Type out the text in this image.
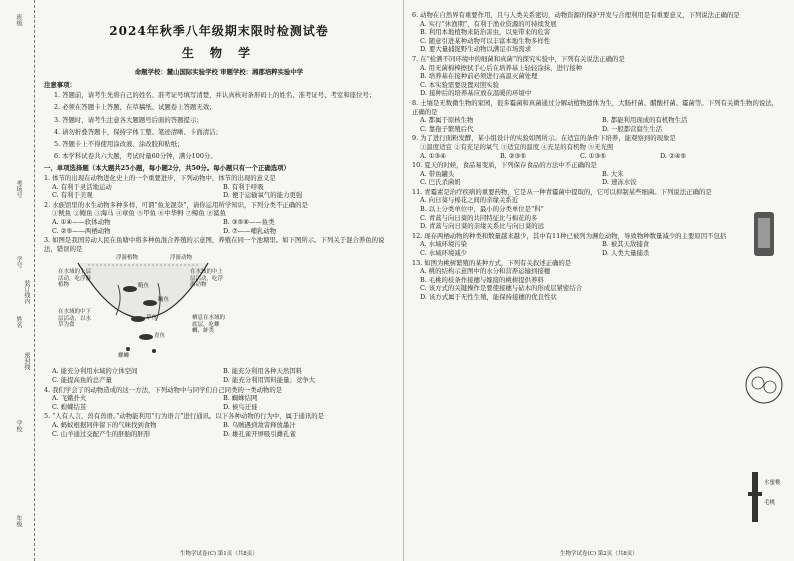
班级
考场号
学号
装订线内
姓名
密封线
学校
年级
2024年秋季八年级期末限时检测试卷
生 物 学
命题学校：麓山国际实验学校 审题学校：湘郡培粹实验中学
注意事项：
1. 答题前，请考生先将自己的姓名、准考证号填写清楚，并认真核对条形码上的姓名、准考证号、考室和座位号；
2. 必须在答题卡上答题，在草稿纸、试题卷上答题无效；
3. 答题时，请考生注意各大题题号后面的答题提示；
4. 请勿折叠答题卡，保持字体工整、笔迹清晰、卡面清洁；
5. 答题卡上不得使用涂改液、涂改胶和贴纸；
6. 本学科试卷共六大题，考试时量60分钟，满分100分。
一、单项选择题（本大题共25小题，每小题2分，共50分。每小题只有一个正确选项）
1. 体节的出现在动物进化史上的一个重要进步，下列动物中，体节的出现的意义是
A. 有利于灵活地运动	B. 有利于呼吸
C. 有利于美观	D. 便于运输氧气的能力更强
2. 水族馆里的水生动物多种多样，可谓“鱼龙混杂”，请你运用所学知识，下列分类不正确的是
①鱿鱼 ②鲍鱼 ③海马 ④章鱼 ⑤甲鱼 ⑥中华鲟 ⑦鲸鱼 ⑧鲨鱼
A. ①④——软体动物	B. ③⑤⑧——鱼类
C. ②⑤——两栖动物	D. ⑦——哺乳动物
3. 如图是我国劳动人民在鱼塘中将多种鱼混合养殖的示意图，养殖在同一个池塘里。如下图所示。下列关于混合养鱼的说法，错误的是
浮游植物	浮游动物
在水域的上层活动，吃浮游植物
在水域的中上层活动，吃浮游动物
在水域的中下层活动，以水草为食
栖息在水域的底层，吃螺蛳、蚌类
鲢鱼
鳙鱼
草鱼
青鱼
螺蛳
A. 能充分利用水域的立体空间	B. 能充分利用各种天然饵料
C. 能提高鱼的总产量	D. 能充分利用饵料能量；竞争大
4. 我们学会了的动物造成的这一方法，下列动物中与同学们自己同类的一类动物的是
A. 飞蛾扑火	B. 蜘蛛结网
C. 蝗蝶结茧	D. 候鸟迁徙
5. “人有人言，兽有兽语。”动物能利用“行为语言”进行通讯。以下各种动物的行为中，属于通讯的是
A. 蚂蚁根据同伴留下的气味找到食物	B. 乌贼遇到敌害释放墨汁
C. 山羊通过交配产生的胚胎的胚形	D. 雄孔雀开屏吸引雌孔雀
6. 动物在自然界有重要作用，且与人类关系密切，动物资源的保护开发与合理利用是有重要意义，下列说法正确的是
A. 实行“休渔期”，有利于渔业资源的可持续发展
B. 利用本地植物来防治害虫，以免带来的危害
C. 随意引进某种动物可以丰富本地生物多样性
D. 要大量捕捉野生动物以满足市场需求
7. 在“检测不同环境中的细菌和真菌”的探究实验中，下列有关说法正确的是
A. 用无菌棉棒擦拭手心后在培养基上轻轻涂抹，进行接种
B. 培养基在接种前必须进行高温灭菌处理
C. 本实验需要设置对照实验
D. 接种后的培养基应放在温暖的环境中
8. 土壤是无数微生物的家园，很多霉菌和真菌通过分解动植物遗体为生，大肠杆菌、醋酸杆菌、霉菌等。下列有关微生物的说法，正确的是
A. 都属于原核生物	B. 都能利用现成的有机物生活
C. 靠孢子繁殖后代	D. 一般都营腐生生活
9. 为了进行面粉发酵，某小组设计的实验如图所示。在适宜的条件下培养，能观察到的现象是
①温度适宜 ②有充足的氧气 ③适宜的温度 ④充足的有机物 ⑤无光照
A. ①③④	B. ②③⑤	C. ①③⑤	D. ②④⑤
10. 夏天的时候，食品易变质，下列保存食品的方法中不正确的是
A. 带鱼罐头	B. 大米
C. 巴氏杀菌奶	D. 速冻水饺
11. 青霉素是治疗疾病的重要药物，它是从一种青霉菌中提取的，它可以抑制某些细菌。下列说法正确的是
A. 向日葵与棉花之间的亲缘关系近
B. 以上分类单位中，最小的分类单位是“科”
C. 青蒿与向日葵的共同特征比与棉花的多
D. 青蒿与向日葵的亲缘关系比与向日葵的远
12. 现存两栖动物的种类和数量越来越少，其中有11种已被列为濒危动物，导致物种数量减少的主要原因不包括
A. 水域环境污染	B. 被其天敌捕食
C. 水域环境减少	D. 人类大量捕杀
13. 如图为桃树繁殖的某种方式，下列有关叙述正确的是
A. 桃的结构示意图中的水分和营养运输到接穗
B. 毛桃的枝条作接穗与嫁接的桃树提供养料
C. 该方式的关键操作是要使接穗与砧木的形成层紧密结合
D. 该方式属于无性生殖，能保持接穗的优良性状
水蜜桃
毛桃
生物学试卷(C) 第1页（共8页）	生物学试卷(C) 第2页（共8页）
